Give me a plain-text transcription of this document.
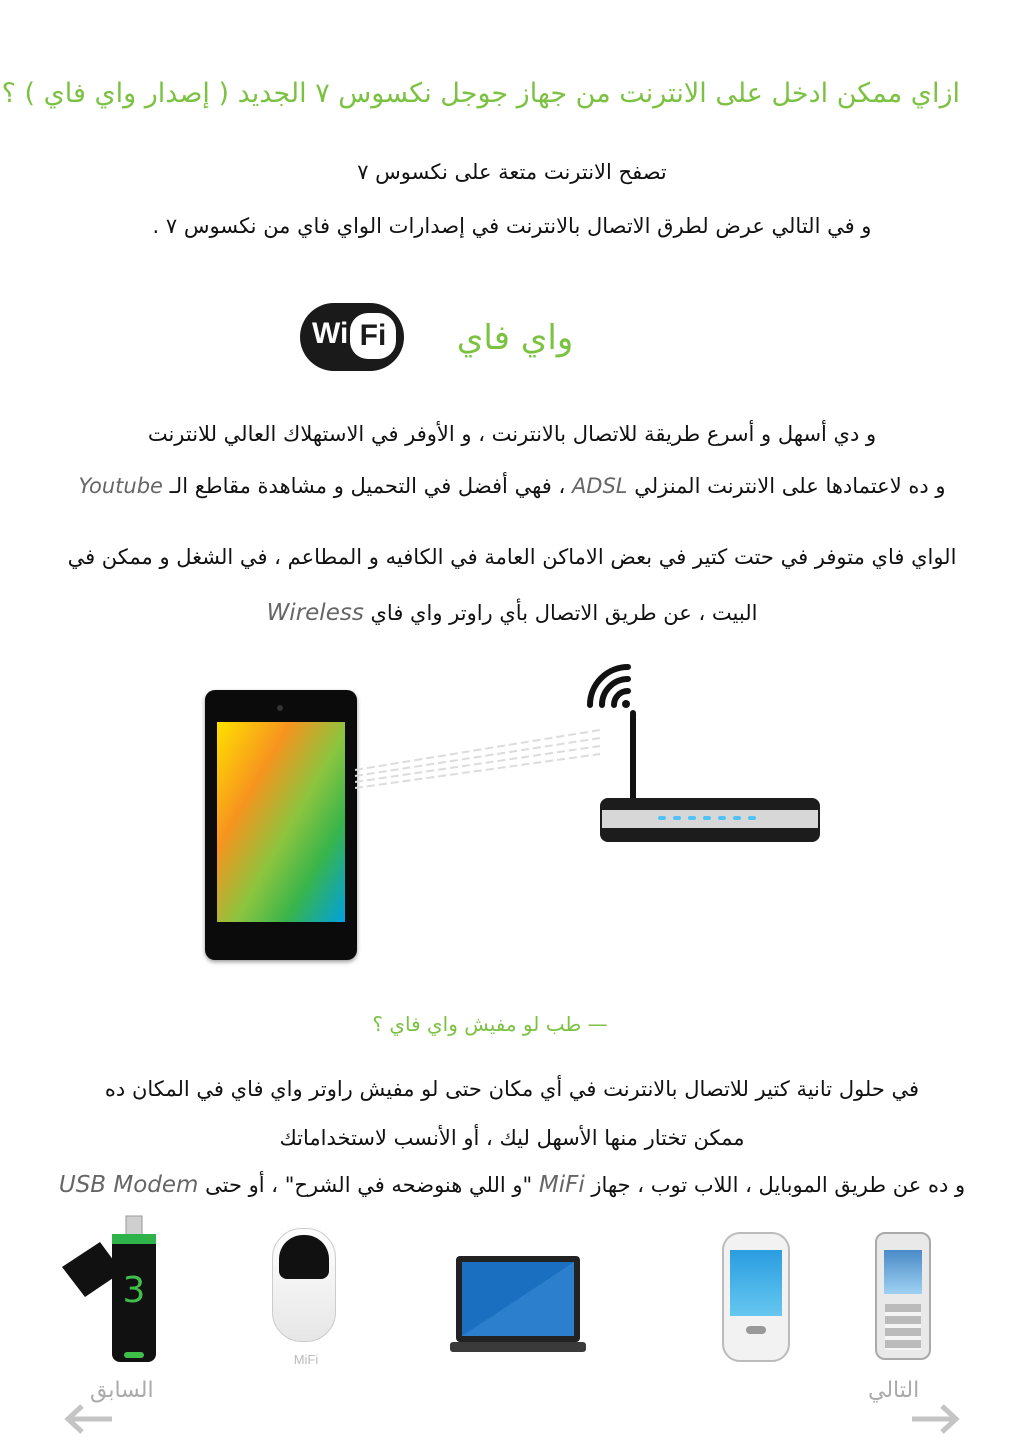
ازاي ممكن ادخل على الانترنت من جهاز جوجل نكسوس ٧ الجديد ( إصدار واي فاي ) ؟
تصفح الانترنت متعة على نكسوس ٧
و في التالي عرض لطرق الاتصال بالانترنت في إصدارات الواي فاي من نكسوس ٧ .
Wi Fi	واي فاي
و دي أسهل و أسرع طريقة للاتصال بالانترنت ، و الأوفر في الاستهلاك العالي للانترنت
و ده لاعتمادها على الانترنت المنزلي ADSL ، فهي أفضل في التحميل و مشاهدة مقاطع الـ Youtube
الواي فاي متوفر في حتت كتير في بعض الاماكن العامة في الكافيه و المطاعم ، في الشغل و ممكن في
البيت ، عن طريق الاتصال بأي راوتر واي فاي Wireless
— طب لو مفيش واي فاي ؟
في حلول تانية كتير للاتصال بالانترنت في أي مكان حتى لو مفيش راوتر واي فاي في المكان ده
ممكن تختار منها الأسهل ليك ، أو الأنسب لاستخداماتك
و ده عن طريق الموبايل ، اللاب توب ، جهاز MiFi "و اللي هنوضحه في الشرح" ، أو حتى USB Modem
3
MiFi
السابق	التالي
